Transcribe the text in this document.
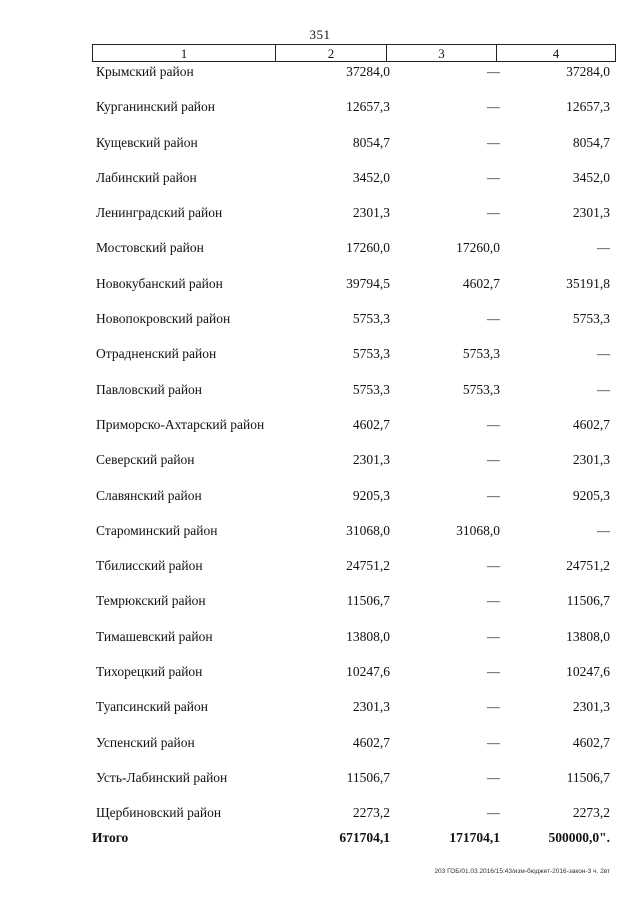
351
1	2	3	4
Крымский район	37284,0	—	37284,0
Курганинский район	12657,3	—	12657,3
Кущевский район	8054,7	—	8054,7
Лабинский район	3452,0	—	3452,0
Ленинградский район	2301,3	—	2301,3
Мостовский район	17260,0	17260,0	—
Новокубанский район	39794,5	4602,7	35191,8
Новопокровский район	5753,3	—	5753,3
Отрадненский район	5753,3	5753,3	—
Павловский район	5753,3	5753,3	—
Приморско-Ахтарский район	4602,7	—	4602,7
Северский район	2301,3	—	2301,3
Славянский район	9205,3	—	9205,3
Староминский район	31068,0	31068,0	—
Тбилисский район	24751,2	—	24751,2
Темрюкский район	11506,7	—	11506,7
Тимашевский район	13808,0	—	13808,0
Тихорецкий район	10247,6	—	10247,6
Туапсинский район	2301,3	—	2301,3
Успенский район	4602,7	—	4602,7
Усть-Лабинский район	11506,7	—	11506,7
Щербиновский район	2273,2	—	2273,2
Итого	671704,1	171704,1	500000,0".
203 ГОБ/01.03.2016/15:43/изм-бюджет-2016-закон-3 ч. 2вт
